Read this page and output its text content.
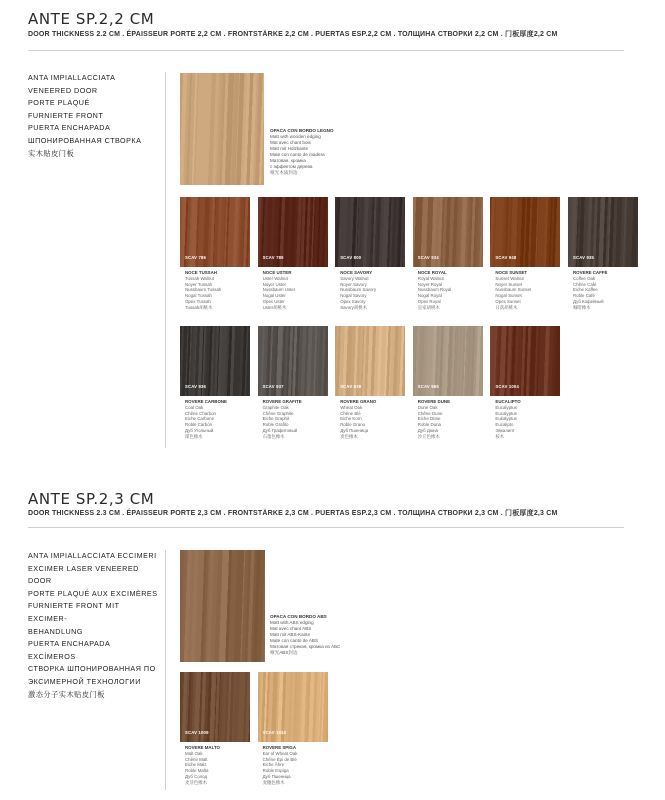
ANTE SP.2,2 CM
DOOR THICKNESS 2.2 CM . ÉPAISSEUR PORTE 2,2 CM . FRONTSTÄRKE 2,2 CM . PUERTAS ESP.2,2 CM . ТОЛЩИНА СТВОРКИ 2,2 СМ . 门板厚度2,2 CM
ANTA IMPIALLACCIATA
VENEERED DOOR
PORTE PLAQUÉ
FURNIERTE FRONT
PUERTA ENCHAPADA
ШПОНИРОВАННАЯ СТВОРКА
实木贴皮门板
OPACA CON BORDO LEGNO
Matt with wooden edging
Mat avec chant bois
Matt mit Holzkante
Mate con canto de madera
Матовая, кромка
с эффектом дерева
哑光木质封边
SCAV 786
NOCE TUSSAH
Tussah Walnut
Noyer Tussah
Nussbaum Tussah
Nogal Tussah
Орех Tussah
Tussah胡桃木
SCAV 789
NOCE USTER
Uster Walnut
Noyer Uster
Nussbaum Uster
Nogal Uster
Орех Uster
Uster胡桃木
SCAV 800
NOCE SAVORY
Savory Walnut
Noyer Savory
Nussbaum Savory
Nogal Savory
Орех Savory
Savory胡桃木
SCAV 934
NOCE ROYAL
Royal Walnut
Noyer Royal
Nussbaum Royal
Nogal Royal
Орех Royal
皇家胡桃木
SCAV 948
NOCE SUNSET
Sunset Walnut
Noyer Sunset
Nussbaum Sunset
Nogal Sunset
Орех Sunset
日落胡桃木
SCAV 935
ROVERE CAFFÈ
Coffee Oak
Chêne Café
Eiche Kaffee
Roble Café
Дуб Кофейный
咖啡橡木
SCAV 936
ROVERE CARBONE
Coal Oak
Chêne Charbon
Eiche Carbone
Roble Carbón
Дуб Угольный
煤色橡木
SCAV 937
ROVERE GRAFITE
Graphite Oak
Chêne Graphite
Eiche Graphit
Roble Grafito
Дуб Графитовый
石墨色橡木
SCAV 938
ROVERE GRANO
Wheat Oak
Chêne Blé
Eiche Korn
Roble Grano
Дуб Пшеница
麦色橡木
SCAV 965
ROVERE DUNE
Dune Oak
Chêne Dune
Eiche Düne
Roble Duna
Дуб Дюна
沙丘色橡木
SCAV 1004
EUCALIPTO
Eucalyptus
Eucalyptus
Eukalyptus
Eucalipto
Эвкалипт
桉木
ANTE SP.2,3 CM
DOOR THICKNESS 2.3 CM . ÉPAISSEUR PORTE 2,3 CM . FRONTSTÄRKE 2,3 CM . PUERTAS ESP.2,3 CM . ТОЛЩИНА СТВОРКИ 2,3 СМ . 门板厚度2,3 CM
ANTA IMPIALLACCIATA ECCIMERI
EXCIMER LASER VENEERED DOOR
PORTE PLAQUÉ AUX EXCIMÈRES
FURNIERTE FRONT MIT EXCIMER-
BEHANDLUNG
PUERTA ENCHAPADA EXCÍMEROS
СТВОРКА ШПОНИРОВАННАЯ ПО
ЭКСИМЕРНОЙ ТЕХНОЛОГИИ
激态分子实木贴皮门板
OPACA CON BORDO ABS
Matt with ABS edging
Mat avec chant ABS
Matt mit ABS-Kante
Mate con canto de ABS
Матовая стрекая, кромка из АБС
哑光ABS封边
SCAV 1009
ROVERE MALTO
Malt Oak
Chêne Malt
Eiche Malz
Roble Malta
Дуб Солод
麦芽色橡木
SCAV 1010
ROVERE SPIGA
Ear of Wheat Oak
Chêne Épi de Blé
Eiche Ähre
Roble Espiga
Дуб Пшеница
麦穗色橡木
